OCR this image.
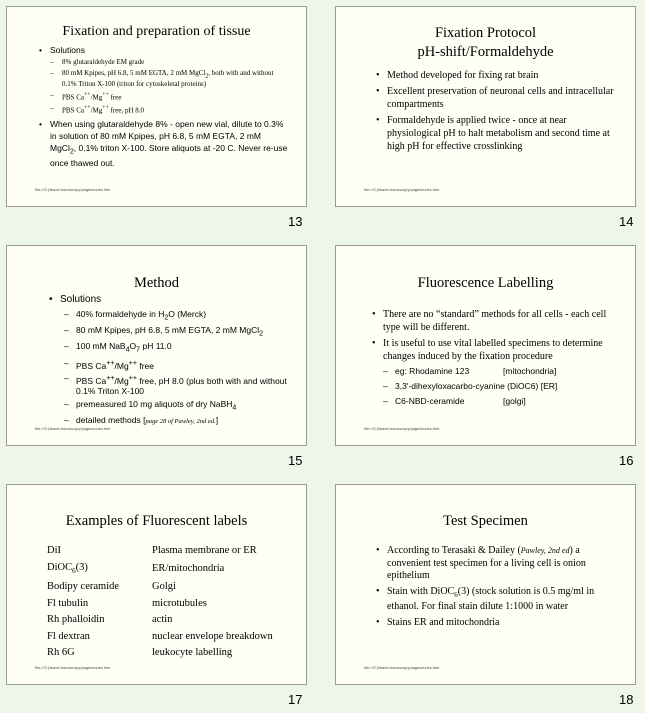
Fixation and preparation of tissue
• Solutions
– 8% glutaraldehyde EM grade
– 80 mM Kpipes, pH 6.8, 5 mM EGTA, 2 mM MgCl$_2$, both with and without 0.1% Triton X-100 (triton for cytoskeletal proteins)
– PBS Ca++/Mg++ free
– PBS Ca++/Mg++ free, pH 8.0
• When using glutaraldehyde 8% - open new vial, dilute to 0.3% in solution of 80 mM Kpipes, pH 6.8, 5 mM EGTA, 2 mM MgCl$_2$, 0.1% triton X-100. Store aliquots at -20 C. Never re-use once thawed out.
file:///C|/teach/microscopy/pages/notes.htm
13
Fixation Protocol
pH-shift/Formaldehyde
• Method developed for fixing rat brain
• Excellent preservation of neuronal cells and intracellular compartments
• Formaldehyde is applied twice - once at near physiological pH to halt metabolism and second time at high pH for effective crosslinking
file:///C|/teach/microscopy/pages/notes.htm
14
Method
• Solutions
– 40% formaldehyde in $H_2O$ (Merck)
– 80 mM Kpipes, pH 6.8, 5 mM EGTA, 2 mM MgCl$_2$
– 100 mM $NaB_4O_7$ pH 11.0
– PBS Ca++/Mg++ free
– PBS Ca++/Mg++ free, pH 8.0 (plus both with and without 0.1% Triton X-100
– premeasured 10 mg aliquots of dry NaBH$_4$
– detailed methods [page 28 of Pawley, 2nd ed.]
file:///C|/teach/microscopy/pages/notes.htm
15
Fluorescence Labelling
• There are no “standard” methods for all cells - each cell type will be different.
• It is useful to use vital labelled specimens to determine changes induced by the fixation procedure
– eg: Rhodamine 123	[mitochondria]
– 3,3'-dihexyloxacarbo-cyanine (DiOC6) [ER]
– C6-NBD-ceramide	[golgi]
file:///C|/teach/microscopy/pages/notes.htm
16
Examples of Fluorescent labels
DiI	Plasma membrane or ER
DiOC$_6$(3)	ER/mitochondria
Bodipy ceramide	Golgi
Fl tubulin	microtubules
Rh phalloidin	actin
Fl dextran	nuclear envelope breakdown
Rh 6G	leukocyte labelling
file:///C|/teach/microscopy/pages/notes.htm
17
Test Specimen
• According to Terasaki & Dailey (Pawley, 2nd ed) a convenient test specimen for a living cell is onion epithelium
• Stain with DiOC$_6$(3) (stock solution is 0.5 mg/ml in ethanol. For final stain dilute 1:1000 in water
• Stains ER and mitochondria
file:///C|/teach/microscopy/pages/notes.htm
18
